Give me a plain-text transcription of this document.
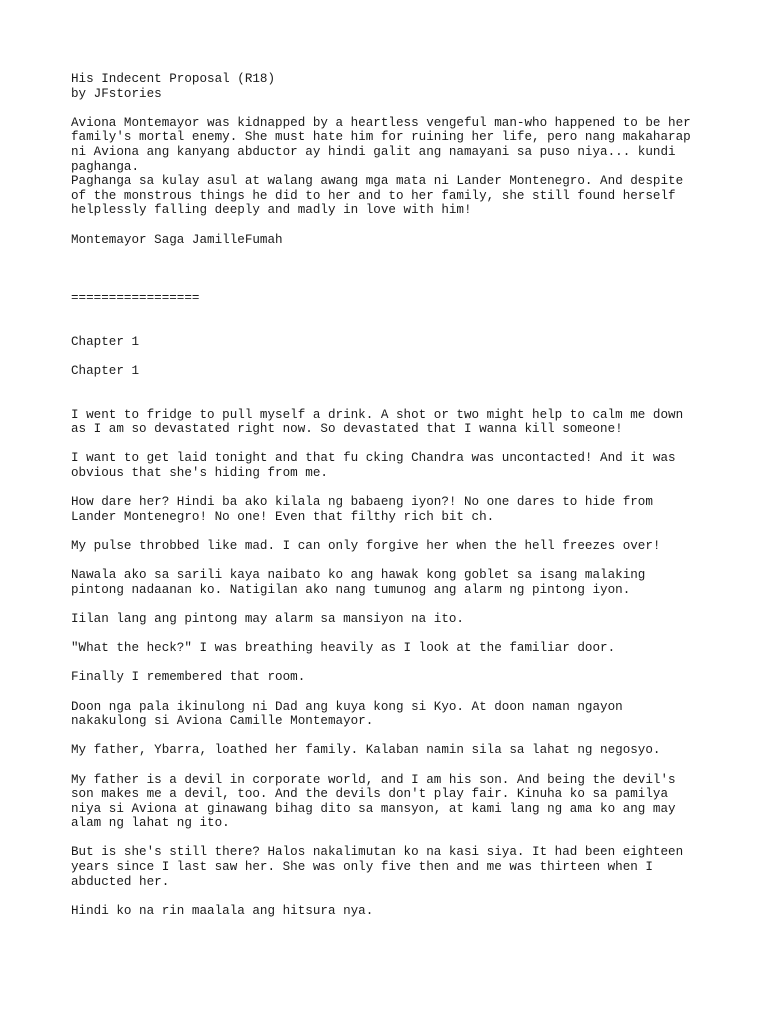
His Indecent Proposal (R18)
by JFstories
Aviona Montemayor was kidnapped by a heartless vengeful man-who happened to be her
family's mortal enemy. She must hate him for ruining her life, pero nang makaharap
ni Aviona ang kanyang abductor ay hindi galit ang namayani sa puso niya... kundi
paghanga.
Paghanga sa kulay asul at walang awang mga mata ni Lander Montenegro. And despite
of the monstrous things he did to her and to her family, she still found herself
helplessly falling deeply and madly in love with him!
Montemayor Saga JamilleFumah
=================
Chapter 1
Chapter 1
I went to fridge to pull myself a drink. A shot or two might help to calm me down
as I am so devastated right now. So devastated that I wanna kill someone!
I want to get laid tonight and that fu cking Chandra was uncontacted! And it was
obvious that she's hiding from me.
How dare her? Hindi ba ako kilala ng babaeng iyon?! No one dares to hide from
Lander Montenegro! No one! Even that filthy rich bit ch.
My pulse throbbed like mad. I can only forgive her when the hell freezes over!
Nawala ako sa sarili kaya naibato ko ang hawak kong goblet sa isang malaking
pintong nadaanan ko. Natigilan ako nang tumunog ang alarm ng pintong iyon.
Iilan lang ang pintong may alarm sa mansiyon na ito.
"What the heck?" I was breathing heavily as I look at the familiar door.
Finally I remembered that room.
Doon nga pala ikinulong ni Dad ang kuya kong si Kyo. At doon naman ngayon
nakakulong si Aviona Camille Montemayor.
My father, Ybarra, loathed her family. Kalaban namin sila sa lahat ng negosyo.
My father is a devil in corporate world, and I am his son. And being the devil's
son makes me a devil, too. And the devils don't play fair. Kinuha ko sa pamilya
niya si Aviona at ginawang bihag dito sa mansyon, at kami lang ng ama ko ang may
alam ng lahat ng ito.
But is she's still there? Halos nakalimutan ko na kasi siya. It had been eighteen
years since I last saw her. She was only five then and me was thirteen when I
abducted her.
Hindi ko na rin maalala ang hitsura nya.
